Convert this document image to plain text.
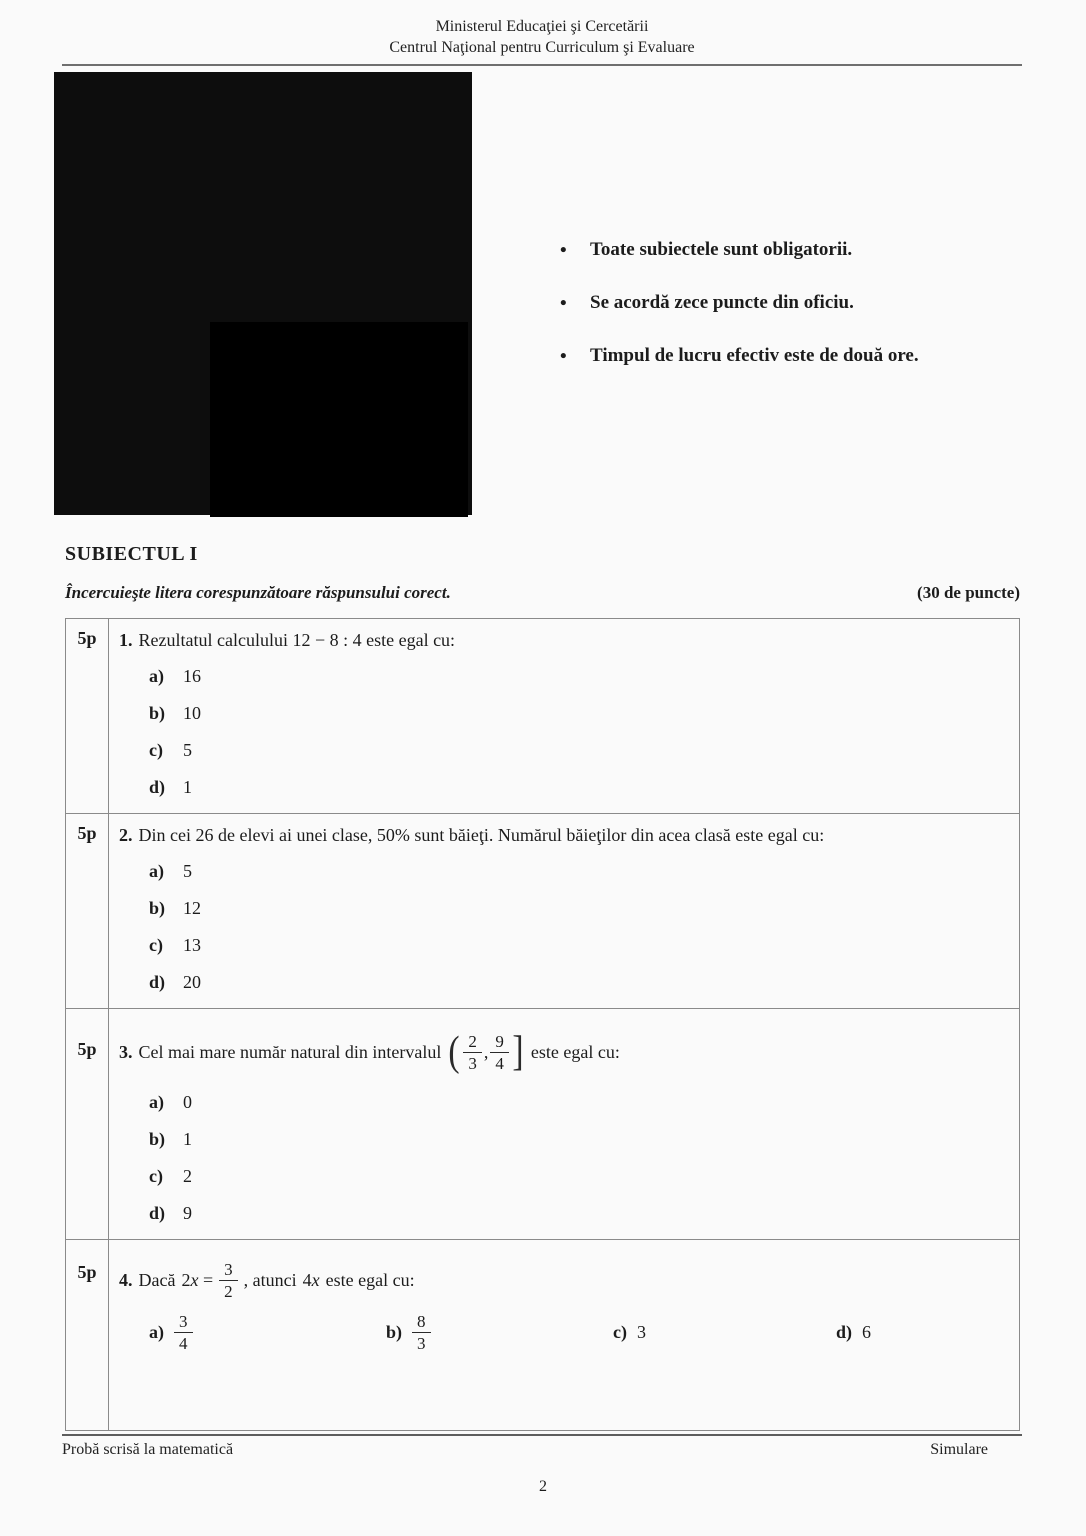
Ministerul Educaţiei şi Cercetării
Centrul Naţional pentru Curriculum şi Evaluare
• Toate subiectele sunt obligatorii.
• Se acordă zece puncte din oficiu.
• Timpul de lucru efectiv este de două ore.
SUBIECTUL I
Încercuieşte litera corespunzătoare răspunsului corect.	(30 de puncte)
5p	1. Rezultatul calculului 12 − 8 : 4 este egal cu:
a)	16
b) 10
c)	5
d) 1

5p	2. Din cei 26 de elevi ai unei clase, 50% sunt băieţi. Numărul băieţilor din acea clasă este egal cu:
a)	5
b) 12
c)	13
d) 20

5p	3. Cel mai mare număr natural din intervalul ( $\frac{2}{3}$ , $\frac{9}{4}$ ] este egal cu:
a)	0
b) 1
c)	2
d) 9

5p	4. Dacă $2x = \frac{3}{2}$ , atunci 4x este egal cu:
$a) \frac{3}{4}$	$b) \frac{8}{3}$	c) 3	d) 6
Probă scrisă la matematică	Simulare
2
